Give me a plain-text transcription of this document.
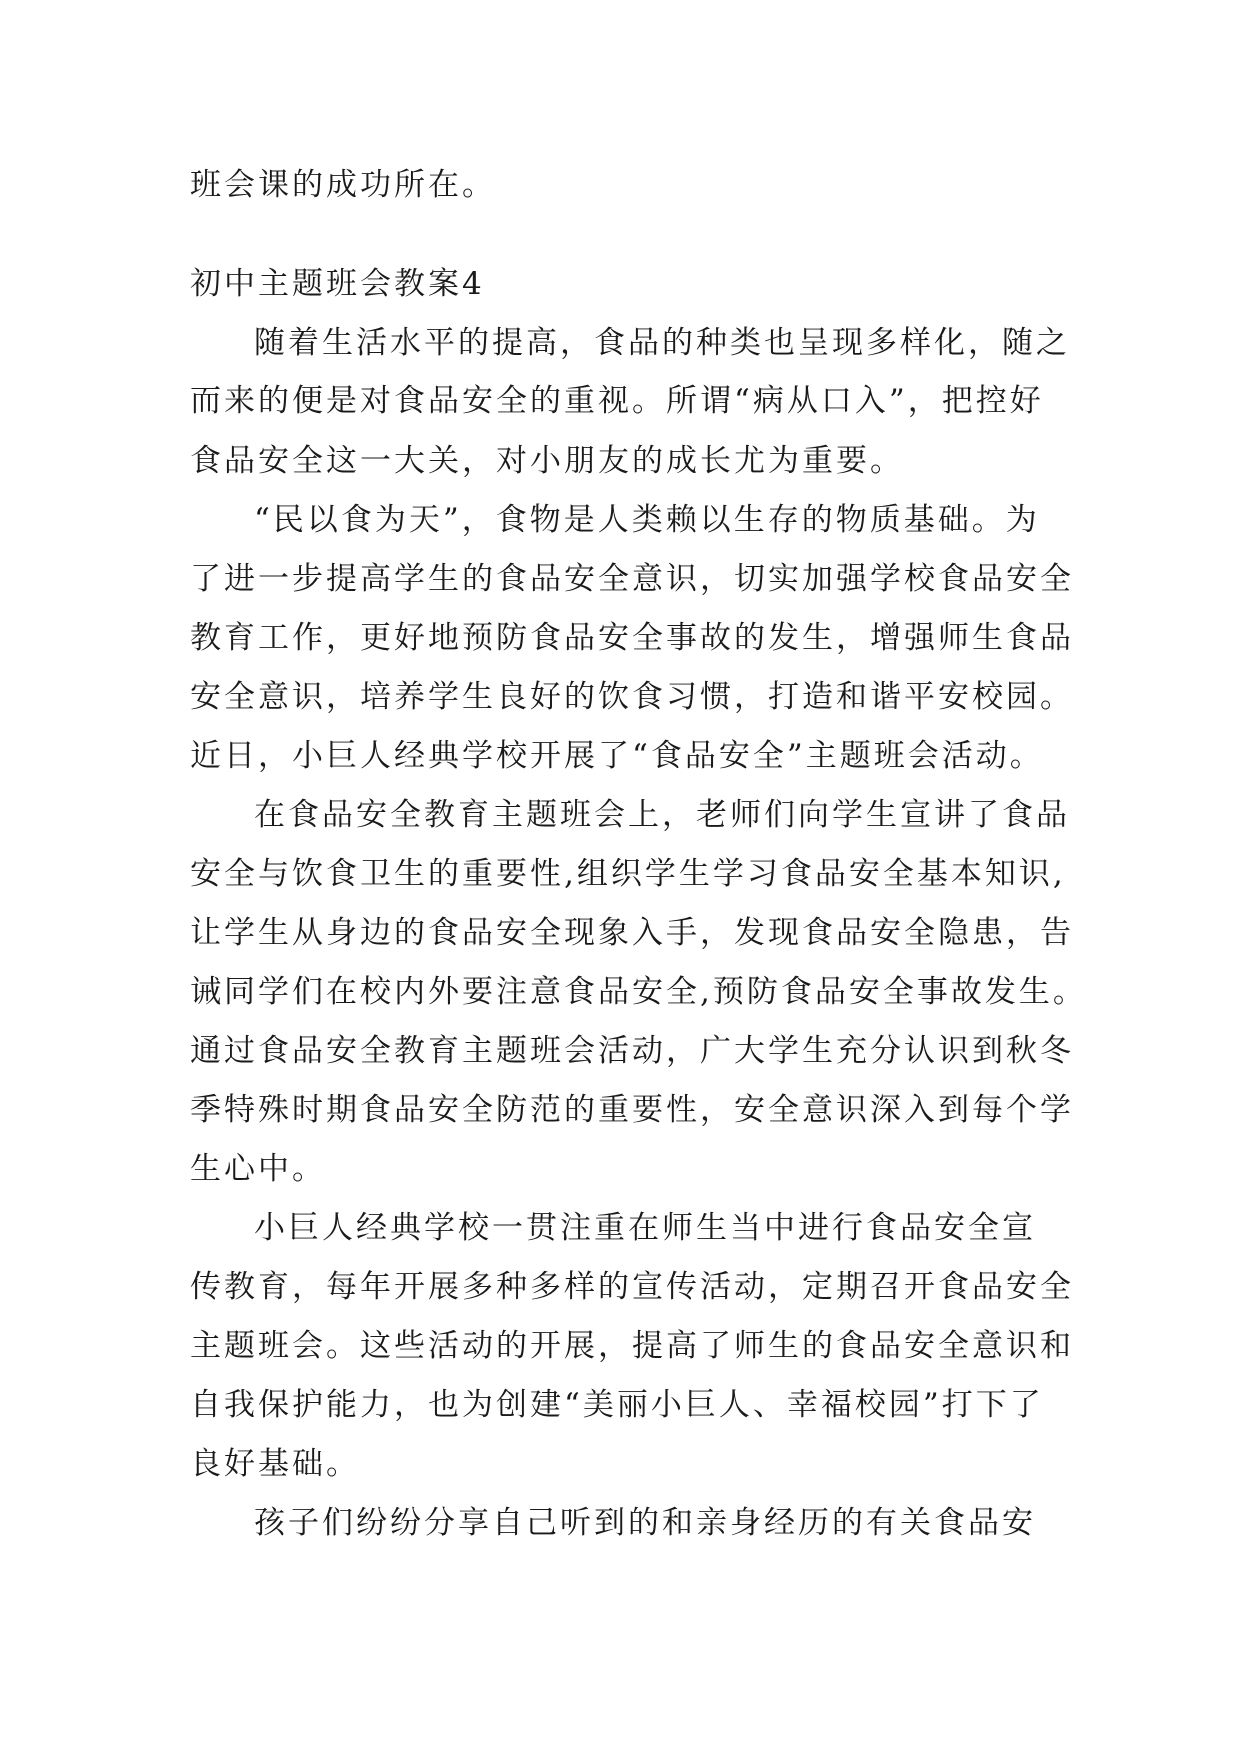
班会课的成功所在。
初中主题班会教案4
随着生活水平的提高，食品的种类也呈现多样化，随之
而来的便是对食品安全的重视。所谓“病从口入”，把控好
食品安全这一大关，对小朋友的成长尤为重要。
“民以食为天”，食物是人类赖以生存的物质基础。为
了进一步提高学生的食品安全意识，切实加强学校食品安全
教育工作，更好地预防食品安全事故的发生，增强师生食品
安全意识，培养学生良好的饮食习惯，打造和谐平安校园。
近日，小巨人经典学校开展了“食品安全”主题班会活动。
在食品安全教育主题班会上，老师们向学生宣讲了食品
安全与饮食卫生的重要性,组织学生学习食品安全基本知识,
让学生从身边的食品安全现象入手，发现食品安全隐患，告
诫同学们在校内外要注意食品安全,预防食品安全事故发生。
通过食品安全教育主题班会活动，广大学生充分认识到秋冬
季特殊时期食品安全防范的重要性，安全意识深入到每个学
生心中。
小巨人经典学校一贯注重在师生当中进行食品安全宣
传教育，每年开展多种多样的宣传活动，定期召开食品安全
主题班会。这些活动的开展，提高了师生的食品安全意识和
自我保护能力，也为创建“美丽小巨人、幸福校园”打下了
良好基础。
孩子们纷纷分享自己听到的和亲身经历的有关食品安
